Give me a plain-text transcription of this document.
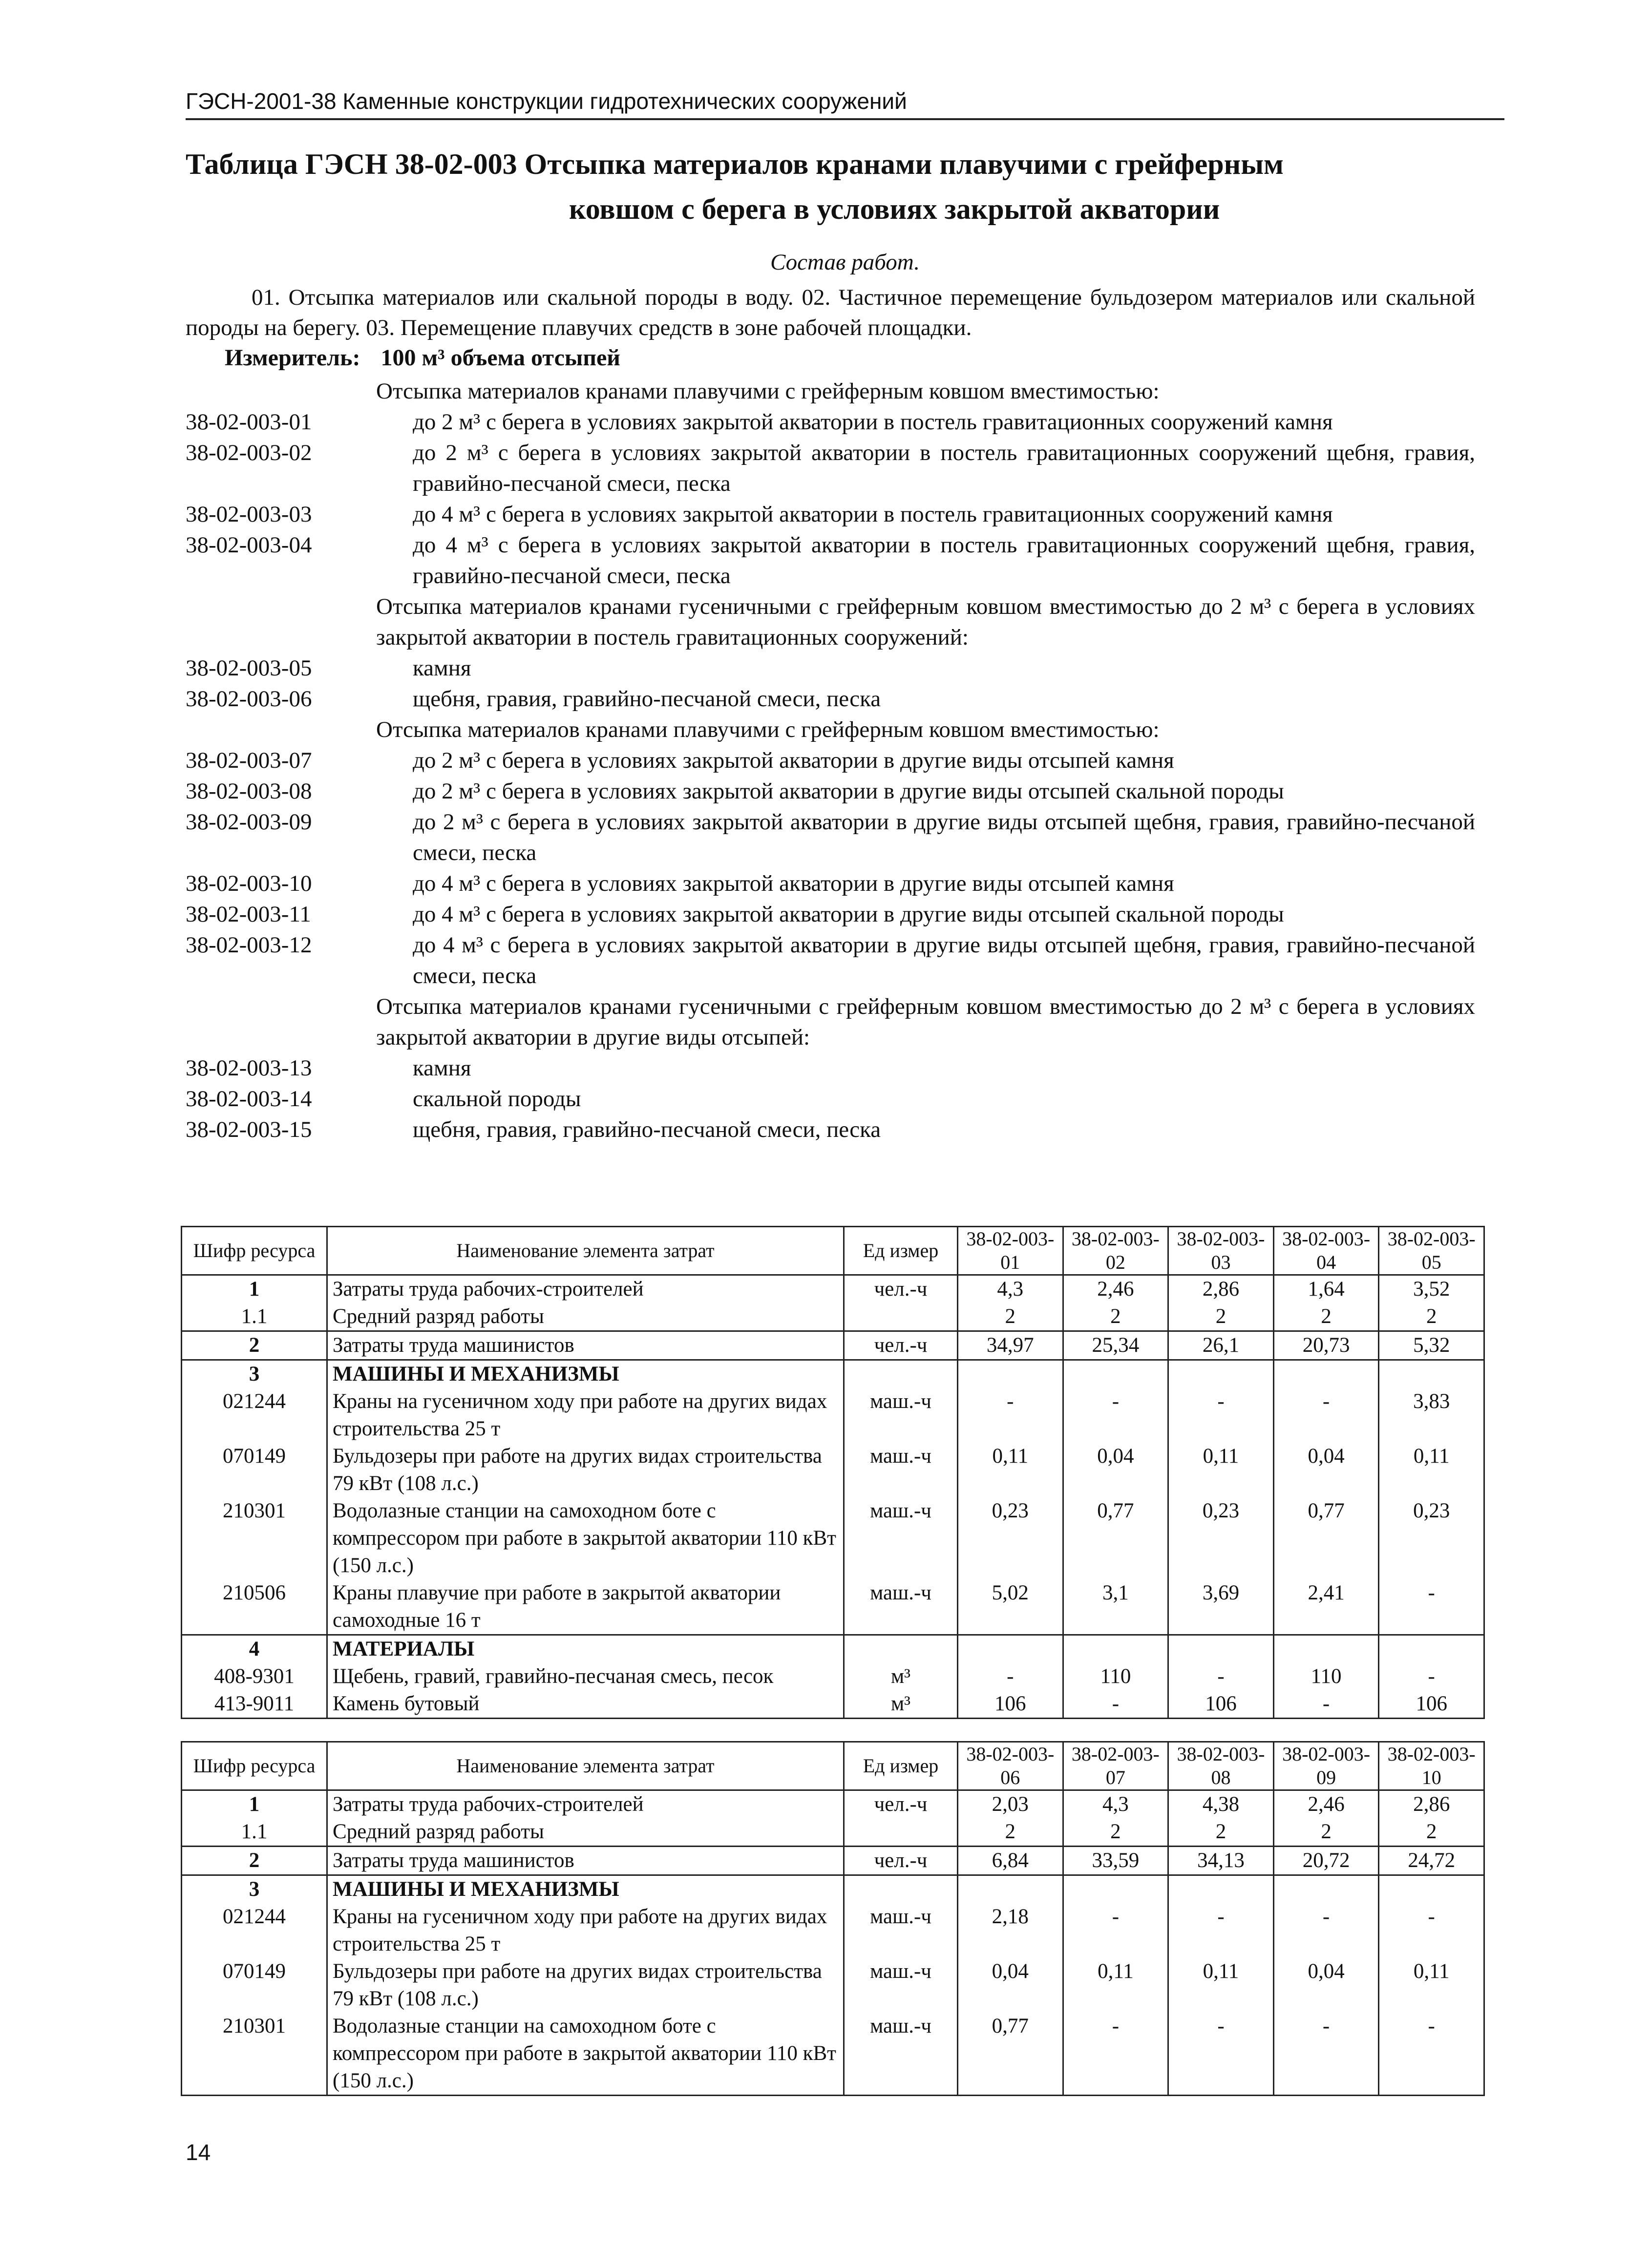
ГЭСН-2001-38 Каменные конструкции гидротехнических сооружений
Таблица ГЭСН 38-02-003 Отсыпка материалов кранами плавучими с грейферным
ковшом с берега в условиях закрытой акватории
Состав работ.

01. Отсыпка материалов или скальной породы в воду. 02. Частичное перемещение бульдозером материалов или скальной породы на берегу. 03. Перемещение плавучих средств в зоне рабочей площадки.

Измеритель: 100 м³ объема отсыпей
Отсыпка материалов кранами плавучими с грейферным ковшом вместимостью:
38-02-003-01	до 2 м³ с берега в условиях закрытой акватории в постель гравитационных сооружений камня
38-02-003-02	до 2 м³ с берега в условиях закрытой акватории в постель гравитационных сооружений щебня, гравия, гравийно-песчаной смеси, песка
38-02-003-03	до 4 м³ с берега в условиях закрытой акватории в постель гравитационных сооружений камня
38-02-003-04	до 4 м³ с берега в условиях закрытой акватории в постель гравитационных сооружений щебня, гравия, гравийно-песчаной смеси, песка
Отсыпка материалов кранами гусеничными с грейферным ковшом вместимостью до 2 м³ с берега в условиях закрытой акватории в постель гравитационных сооружений:
38-02-003-05	камня
38-02-003-06	щебня, гравия, гравийно-песчаной смеси, песка
Отсыпка материалов кранами плавучими с грейферным ковшом вместимостью:
38-02-003-07	до 2 м³ с берега в условиях закрытой акватории в другие виды отсыпей камня
38-02-003-08	до 2 м³ с берега в условиях закрытой акватории в другие виды отсыпей скальной породы
38-02-003-09	до 2 м³ с берега в условиях закрытой акватории в другие виды отсыпей щебня, гравия, гравийно-песчаной смеси, песка
38-02-003-10	до 4 м³ с берега в условиях закрытой акватории в другие виды отсыпей камня
38-02-003-11	до 4 м³ с берега в условиях закрытой акватории в другие виды отсыпей скальной породы
38-02-003-12	до 4 м³ с берега в условиях закрытой акватории в другие виды отсыпей щебня, гравия, гравийно-песчаной смеси, песка
Отсыпка материалов кранами гусеничными с грейферным ковшом вместимостью до 2 м³ с берега в условиях закрытой акватории в другие виды отсыпей:
38-02-003-13	камня
38-02-003-14	скальной породы
38-02-003-15	щебня, гравия, гравийно-песчаной смеси, песка
Шифр ресурса	Наименование элемента затрат	Ед измер	38-02-003-01	38-02-003-02	38-02-003-03	38-02-003-04	38-02-003-05
1	Затраты труда рабочих-строителей	чел.-ч	4,3	2,46	2,86	1,64	3,52
1.1	Средний разряд работы		2	2	2	2	2
2	Затраты труда машинистов	чел.-ч	34,97	25,34	26,1	20,73	5,32
3	МАШИНЫ И МЕХАНИЗМЫ						
021244	Краны на гусеничном ходу при работе на других видах строительства 25 т	маш.-ч	-	-	-	-	3,83
070149	Бульдозеры при работе на других видах строительства 79 кВт (108 л.с.)	маш.-ч	0,11	0,04	0,11	0,04	0,11
210301	Водолазные станции на самоходном боте с компрессором при работе в закрытой акватории 110 кВт (150 л.с.)	маш.-ч	0,23	0,77	0,23	0,77	0,23
210506	Краны плавучие при работе в закрытой акватории самоходные 16 т	маш.-ч	5,02	3,1	3,69	2,41	-
4	МАТЕРИАЛЫ						
408-9301	Щебень, гравий, гравийно-песчаная смесь, песок	м³	-	110	-	110	-
413-9011	Камень бутовый	м³	106	-	106	-	106
Шифр ресурса	Наименование элемента затрат	Ед измер	38-02-003-06	38-02-003-07	38-02-003-08	38-02-003-09	38-02-003-10
1	Затраты труда рабочих-строителей	чел.-ч	2,03	4,3	4,38	2,46	2,86
1.1	Средний разряд работы		2	2	2	2	2
2	Затраты труда машинистов	чел.-ч	6,84	33,59	34,13	20,72	24,72
3	МАШИНЫ И МЕХАНИЗМЫ						
021244	Краны на гусеничном ходу при работе на других видах строительства 25 т	маш.-ч	2,18	-	-	-	-
070149	Бульдозеры при работе на других видах строительства 79 кВт (108 л.с.)	маш.-ч	0,04	0,11	0,11	0,04	0,11
210301	Водолазные станции на самоходном боте с компрессором при работе в закрытой акватории 110 кВт (150 л.с.)	маш.-ч	0,77	-	-	-	-
14
